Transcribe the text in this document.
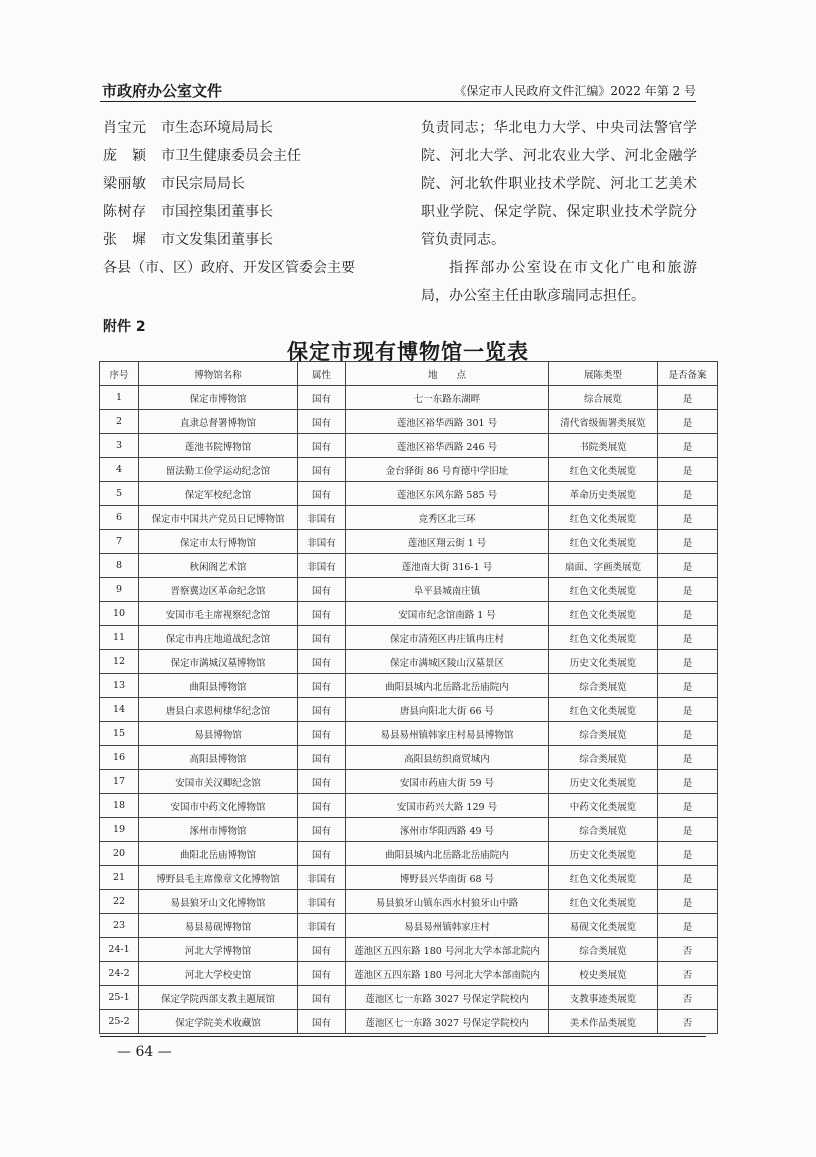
市政府办公室文件	《保定市人民政府文件汇编》2022 年第 2 号
肖宝元 市生态环境局局长
庞　颖 市卫生健康委员会主任
梁丽敏 市民宗局局长
陈树存 市国控集团董事长
张　墀 市文发集团董事长
各县（市、区）政府、开发区管委会主要

负责同志；华北电力大学、中央司法警官学院、河北大学、河北农业大学、河北金融学院、河北软件职业技术学院、河北工艺美术职业学院、保定学院、保定职业技术学院分管负责同志。

指挥部办公室设在市文化广电和旅游局，办公室主任由耿彦瑞同志担任。

附件 2
保定市现有博物馆一览表
序号	博物馆名称	属性	地　　点	展陈类型	是否备案
1	保定市博物馆	国有	七一东路东湖畔	综合展览	是
2	直隶总督署博物馆	国有	莲池区裕华西路 301 号	清代省级衙署类展览	是
3	莲池书院博物馆	国有	莲池区裕华西路 246 号	书院类展览	是
4	留法勤工俭学运动纪念馆	国有	金台驿街 86 号育德中学旧址	红色文化类展览	是
5	保定军校纪念馆	国有	莲池区东风东路 585 号	革命历史类展览	是
6	保定市中国共产党员日记博物馆	非国有	竞秀区北三环	红色文化类展览	是
7	保定市太行博物馆	非国有	莲池区翔云街 1 号	红色文化类展览	是
8	秋闲阁艺术馆	非国有	莲池南大街 316-1 号	扇面、字画类展览	是
9	晋察冀边区革命纪念馆	国有	阜平县城南庄镇	红色文化类展览	是
10	安国市毛主席视察纪念馆	国有	安国市纪念馆南路 1 号	红色文化类展览	是
11	保定市冉庄地道战纪念馆	国有	保定市清苑区冉庄镇冉庄村	红色文化类展览	是
12	保定市满城汉墓博物馆	国有	保定市满城区陵山汉墓景区	历史文化类展览	是
13	曲阳县博物馆	国有	曲阳县城内北岳路北岳庙院内	综合类展览	是
14	唐县白求恩柯棣华纪念馆	国有	唐县向阳北大街 66 号	红色文化类展览	是
15	易县博物馆	国有	易县易州镇韩家庄村易县博物馆	综合类展览	是
16	高阳县博物馆	国有	高阳县纺织商贸城内	综合类展览	是
17	安国市关汉卿纪念馆	国有	安国市药庙大街 59 号	历史文化类展览	是
18	安国市中药文化博物馆	国有	安国市药兴大路 129 号	中药文化类展览	是
19	涿州市博物馆	国有	涿州市华阳西路 49 号	综合类展览	是
20	曲阳北岳庙博物馆	国有	曲阳县城内北岳路北岳庙院内	历史文化类展览	是
21	博野县毛主席像章文化博物馆	非国有	博野县兴华南街 68 号	红色文化类展览	是
22	易县狼牙山文化博物馆	非国有	易县狼牙山镇东西水村狼牙山中路	红色文化类展览	是
23	易县易砚博物馆	非国有	易县易州镇韩家庄村	易砚文化类展览	是
24-1	河北大学博物馆	国有	莲池区五四东路 180 号河北大学本部北院内	综合类展览	否
24-2	河北大学校史馆	国有	莲池区五四东路 180 号河北大学本部南院内	校史类展览	否
25-1	保定学院西部支教主题展馆	国有	莲池区七一东路 3027 号保定学院校内	支教事迹类展览	否
25-2	保定学院美术收藏馆	国有	莲池区七一东路 3027 号保定学院校内	美术作品类展览	否
— 64 —
